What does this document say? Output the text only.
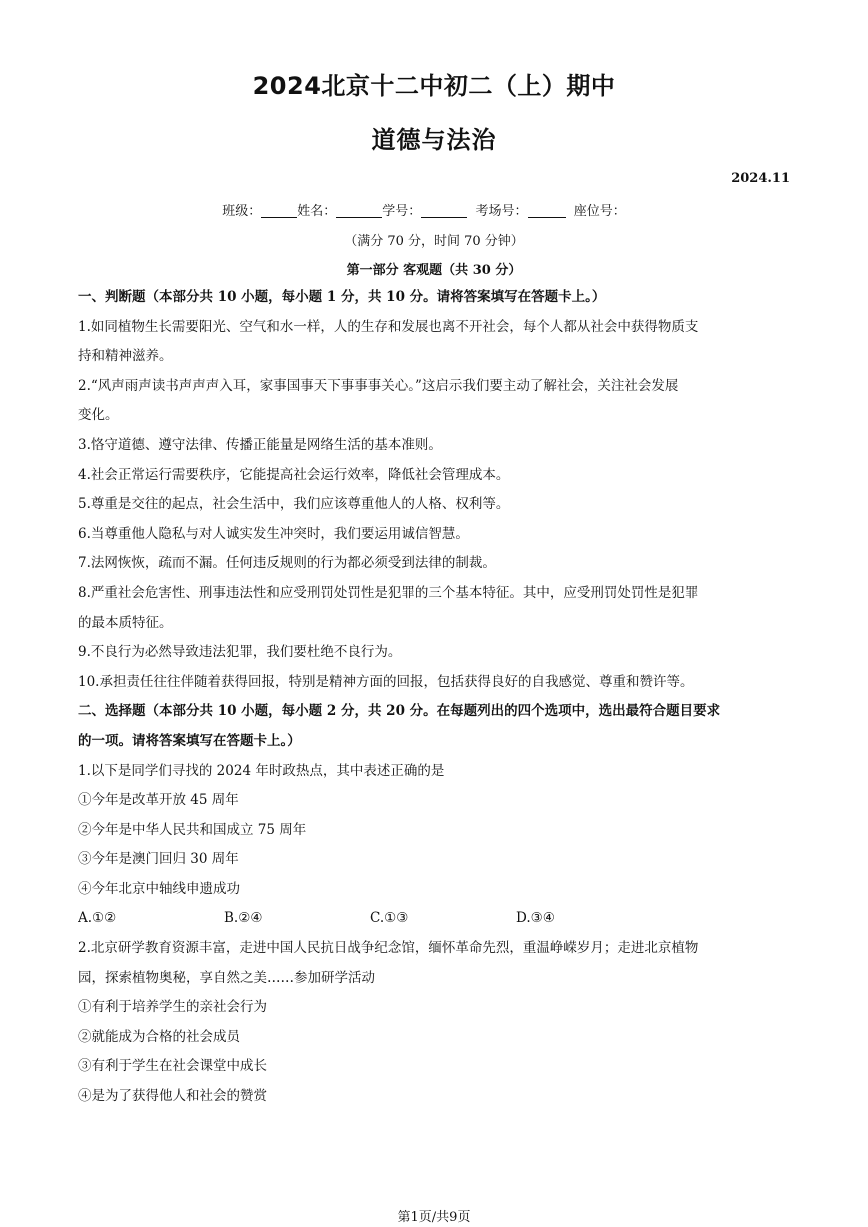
2024北京十二中初二（上）期中
道德与法治
2024.11
班级：	姓名：	学号：	考场号：	座位号：
（满分 70 分，时间 70 分钟）
第一部分 客观题（共 30 分）
一、判断题（本部分共 10 小题，每小题 1 分，共 10 分。请将答案填写在答题卡上。）
1.如同植物生长需要阳光、空气和水一样，人的生存和发展也离不开社会，每个人都从社会中获得物质支
持和精神滋养。
2.“风声雨声读书声声声入耳，家事国事天下事事事关心。”这启示我们要主动了解社会，关注社会发展
变化。
3.恪守道德、遵守法律、传播正能量是网络生活的基本准则。
4.社会正常运行需要秩序，它能提高社会运行效率，降低社会管理成本。
5.尊重是交往的起点，社会生活中，我们应该尊重他人的人格、权利等。
6.当尊重他人隐私与对人诚实发生冲突时，我们要运用诚信智慧。
7.法网恢恢，疏而不漏。任何违反规则的行为都必须受到法律的制裁。
8.严重社会危害性、刑事违法性和应受刑罚处罚性是犯罪的三个基本特征。其中，应受刑罚处罚性是犯罪
的最本质特征。
9.不良行为必然导致违法犯罪，我们要杜绝不良行为。
10.承担责任往往伴随着获得回报，特别是精神方面的回报，包括获得良好的自我感觉、尊重和赞许等。
二、选择题（本部分共 10 小题，每小题 2 分，共 20 分。在每题列出的四个选项中，选出最符合题目要求
的一项。请将答案填写在答题卡上。）
1.以下是同学们寻找的 2024 年时政热点，其中表述正确的是
①今年是改革开放 45 周年
②今年是中华人民共和国成立 75 周年
③今年是澳门回归 30 周年
④今年北京中轴线申遗成功
A.①②	B.②④	C.①③	D.③④
2.北京研学教育资源丰富，走进中国人民抗日战争纪念馆，缅怀革命先烈，重温峥嵘岁月；走进北京植物
园，探索植物奥秘，享自然之美……参加研学活动
①有利于培养学生的亲社会行为
②就能成为合格的社会成员
③有利于学生在社会课堂中成长
④是为了获得他人和社会的赞赏
第1页/共9页
